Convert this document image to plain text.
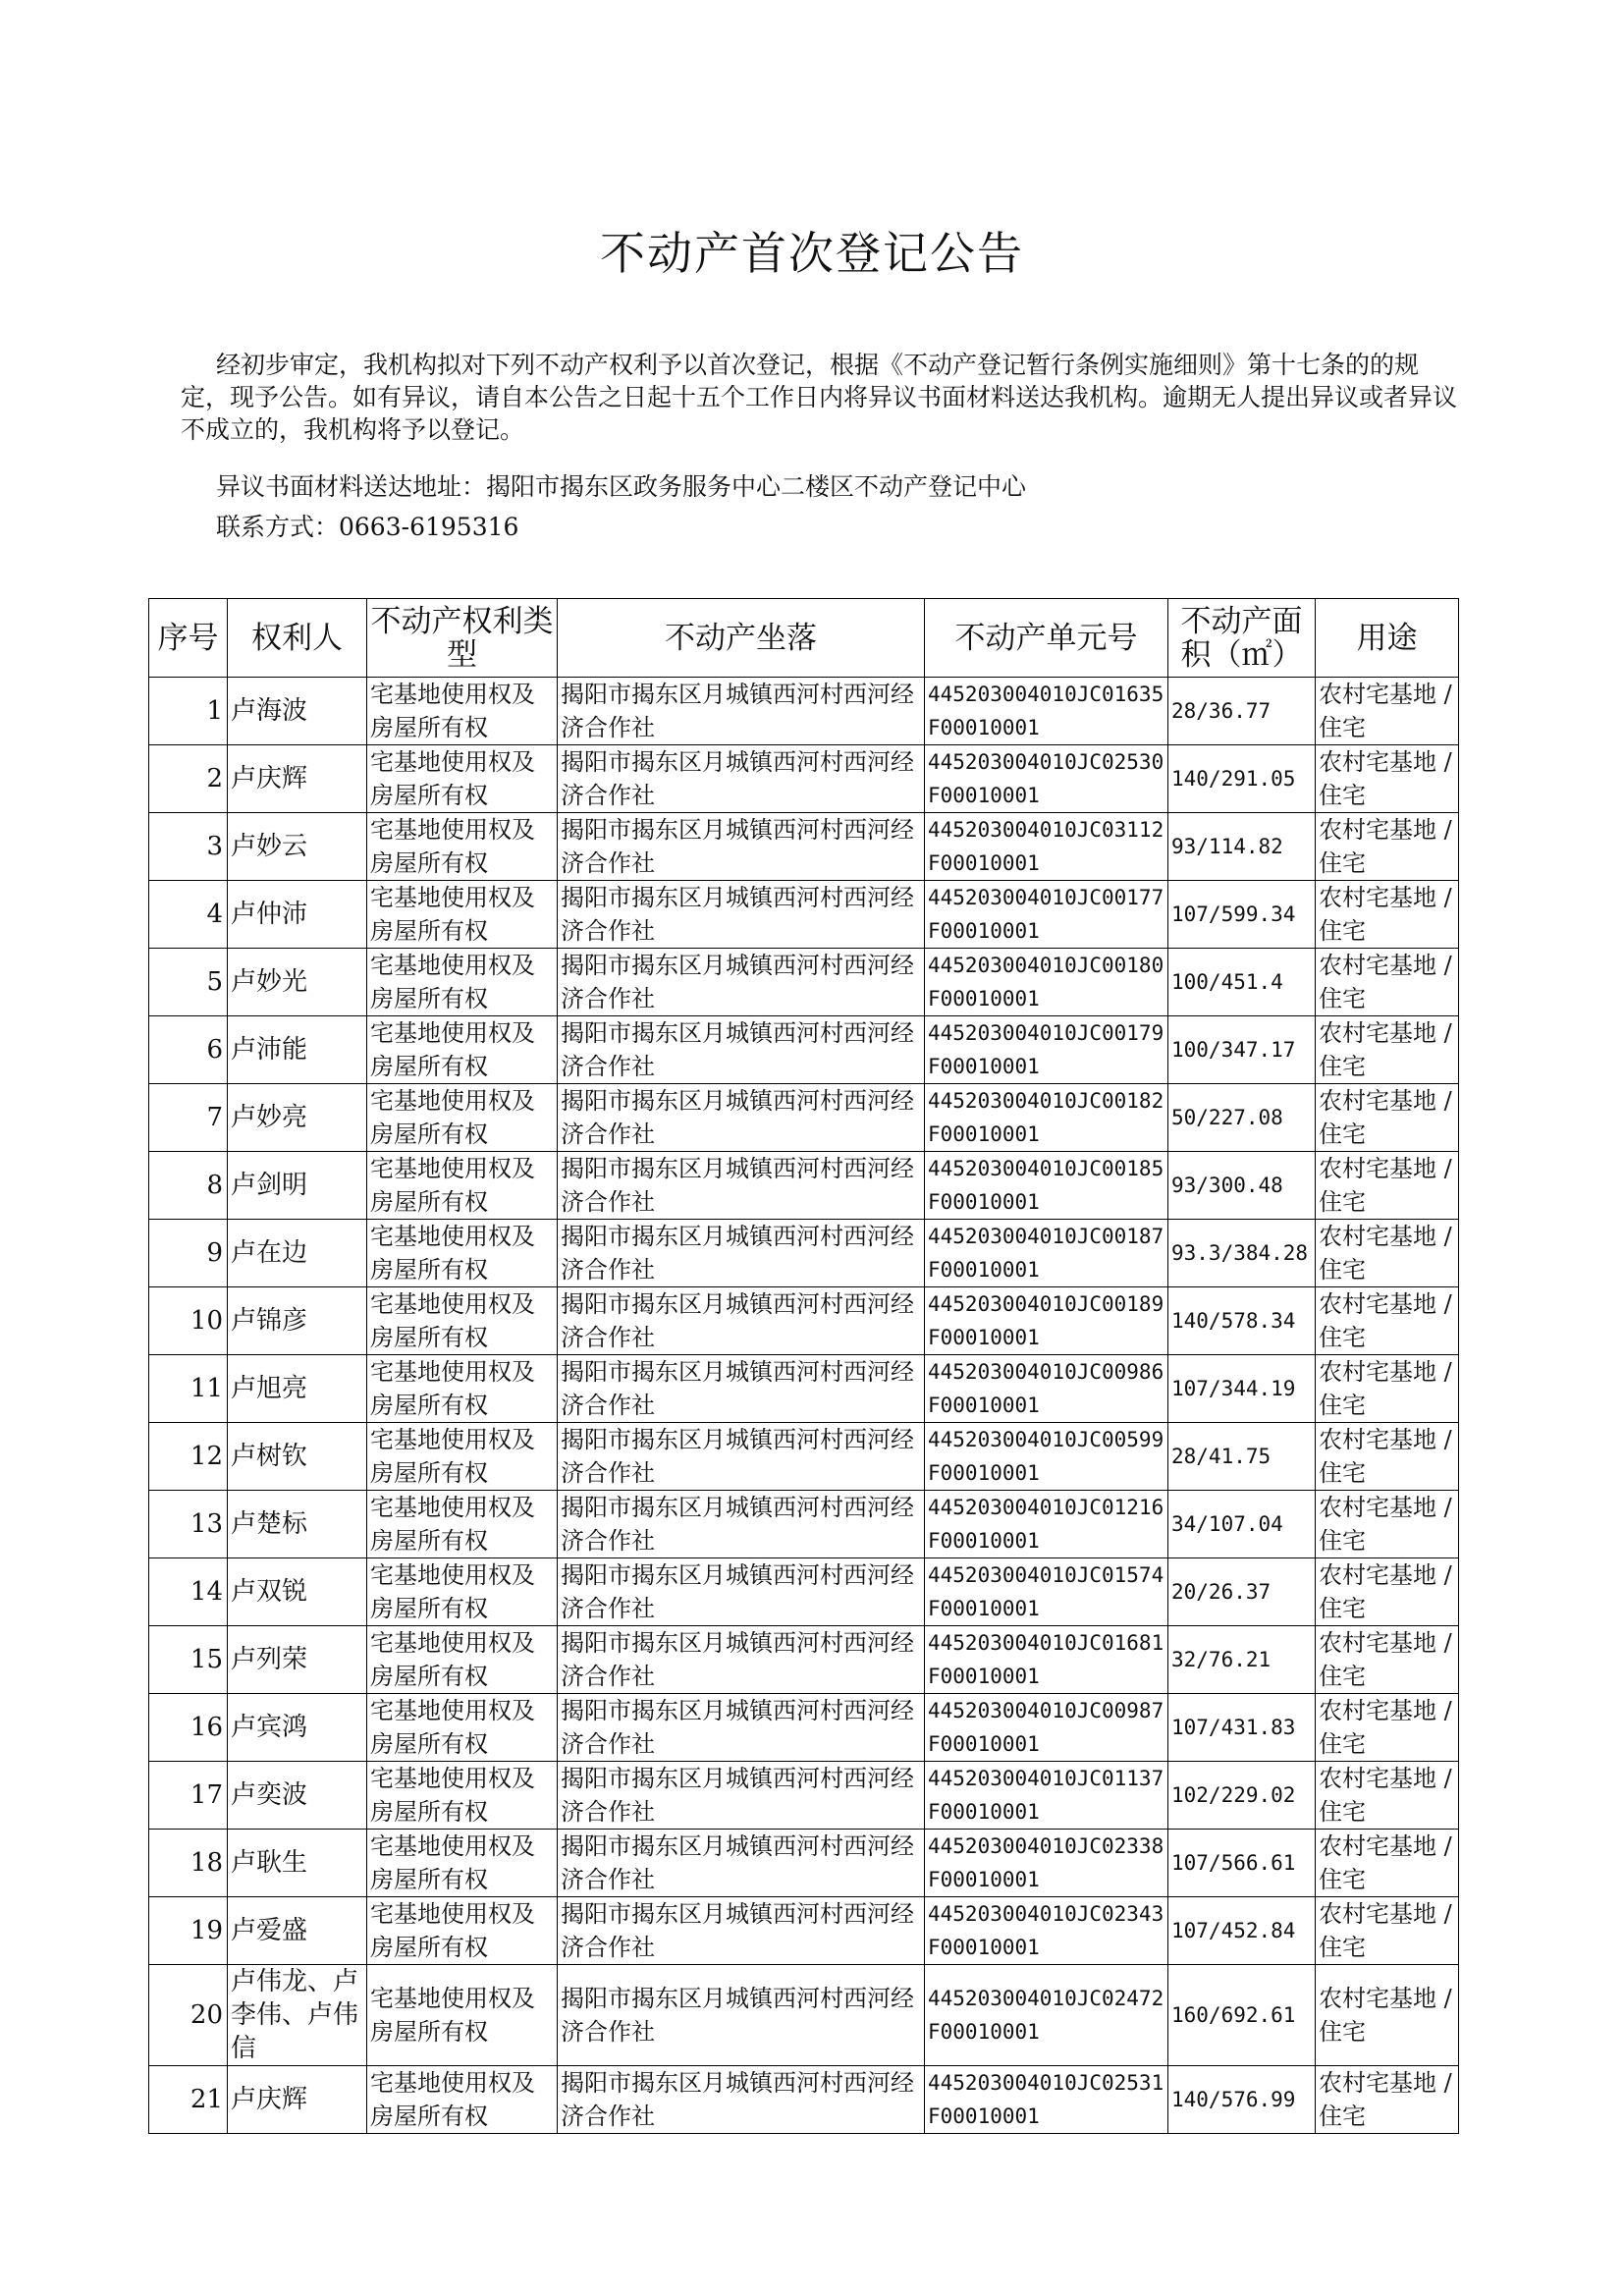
不动产首次登记公告

经初步审定，我机构拟对下列不动产权利予以首次登记，根据《不动产登记暂行条例实施细则》第十七条的的规定，现予公告。如有异议，请自本公告之日起十五个工作日内将异议书面材料送达我机构。逾期无人提出异议或者异议不成立的，我机构将予以登记。

异议书面材料送达地址：揭阳市揭东区政务服务中心二楼区不动产登记中心

联系方式：0663-6195316

序号	权利人	不动产权利类型	不动产坐落	不动产单元号	不动产面积（㎡）	用途
1	卢海波	宅基地使用权及房屋所有权	揭阳市揭东区月城镇西河村西河经济合作社	445203004010JC01635F00010001	28/36.77	农村宅基地 / 住宅
2	卢庆辉	宅基地使用权及房屋所有权	揭阳市揭东区月城镇西河村西河经济合作社	445203004010JC02530F00010001	140/291.05	农村宅基地 / 住宅
3	卢妙云	宅基地使用权及房屋所有权	揭阳市揭东区月城镇西河村西河经济合作社	445203004010JC03112F00010001	93/114.82	农村宅基地 / 住宅
4	卢仲沛	宅基地使用权及房屋所有权	揭阳市揭东区月城镇西河村西河经济合作社	445203004010JC00177F00010001	107/599.34	农村宅基地 / 住宅
5	卢妙光	宅基地使用权及房屋所有权	揭阳市揭东区月城镇西河村西河经济合作社	445203004010JC00180F00010001	100/451.4	农村宅基地 / 住宅
6	卢沛能	宅基地使用权及房屋所有权	揭阳市揭东区月城镇西河村西河经济合作社	445203004010JC00179F00010001	100/347.17	农村宅基地 / 住宅
7	卢妙亮	宅基地使用权及房屋所有权	揭阳市揭东区月城镇西河村西河经济合作社	445203004010JC00182F00010001	50/227.08	农村宅基地 / 住宅
8	卢剑明	宅基地使用权及房屋所有权	揭阳市揭东区月城镇西河村西河经济合作社	445203004010JC00185F00010001	93/300.48	农村宅基地 / 住宅
9	卢在边	宅基地使用权及房屋所有权	揭阳市揭东区月城镇西河村西河经济合作社	445203004010JC00187F00010001	93.3/384.28	农村宅基地 / 住宅
10	卢锦彦	宅基地使用权及房屋所有权	揭阳市揭东区月城镇西河村西河经济合作社	445203004010JC00189F00010001	140/578.34	农村宅基地 / 住宅
11	卢旭亮	宅基地使用权及房屋所有权	揭阳市揭东区月城镇西河村西河经济合作社	445203004010JC00986F00010001	107/344.19	农村宅基地 / 住宅
12	卢树钦	宅基地使用权及房屋所有权	揭阳市揭东区月城镇西河村西河经济合作社	445203004010JC00599F00010001	28/41.75	农村宅基地 / 住宅
13	卢楚标	宅基地使用权及房屋所有权	揭阳市揭东区月城镇西河村西河经济合作社	445203004010JC01216F00010001	34/107.04	农村宅基地 / 住宅
14	卢双锐	宅基地使用权及房屋所有权	揭阳市揭东区月城镇西河村西河经济合作社	445203004010JC01574F00010001	20/26.37	农村宅基地 / 住宅
15	卢列荣	宅基地使用权及房屋所有权	揭阳市揭东区月城镇西河村西河经济合作社	445203004010JC01681F00010001	32/76.21	农村宅基地 / 住宅
16	卢宾鸿	宅基地使用权及房屋所有权	揭阳市揭东区月城镇西河村西河经济合作社	445203004010JC00987F00010001	107/431.83	农村宅基地 / 住宅
17	卢奕波	宅基地使用权及房屋所有权	揭阳市揭东区月城镇西河村西河经济合作社	445203004010JC01137F00010001	102/229.02	农村宅基地 / 住宅
18	卢耿生	宅基地使用权及房屋所有权	揭阳市揭东区月城镇西河村西河经济合作社	445203004010JC02338F00010001	107/566.61	农村宅基地 / 住宅
19	卢爱盛	宅基地使用权及房屋所有权	揭阳市揭东区月城镇西河村西河经济合作社	445203004010JC02343F00010001	107/452.84	农村宅基地 / 住宅
20	卢伟龙、卢李伟、卢伟信	宅基地使用权及房屋所有权	揭阳市揭东区月城镇西河村西河经济合作社	445203004010JC02472F00010001	160/692.61	农村宅基地 / 住宅
21	卢庆辉	宅基地使用权及房屋所有权	揭阳市揭东区月城镇西河村西河经济合作社	445203004010JC02531F00010001	140/576.99	农村宅基地 / 住宅
